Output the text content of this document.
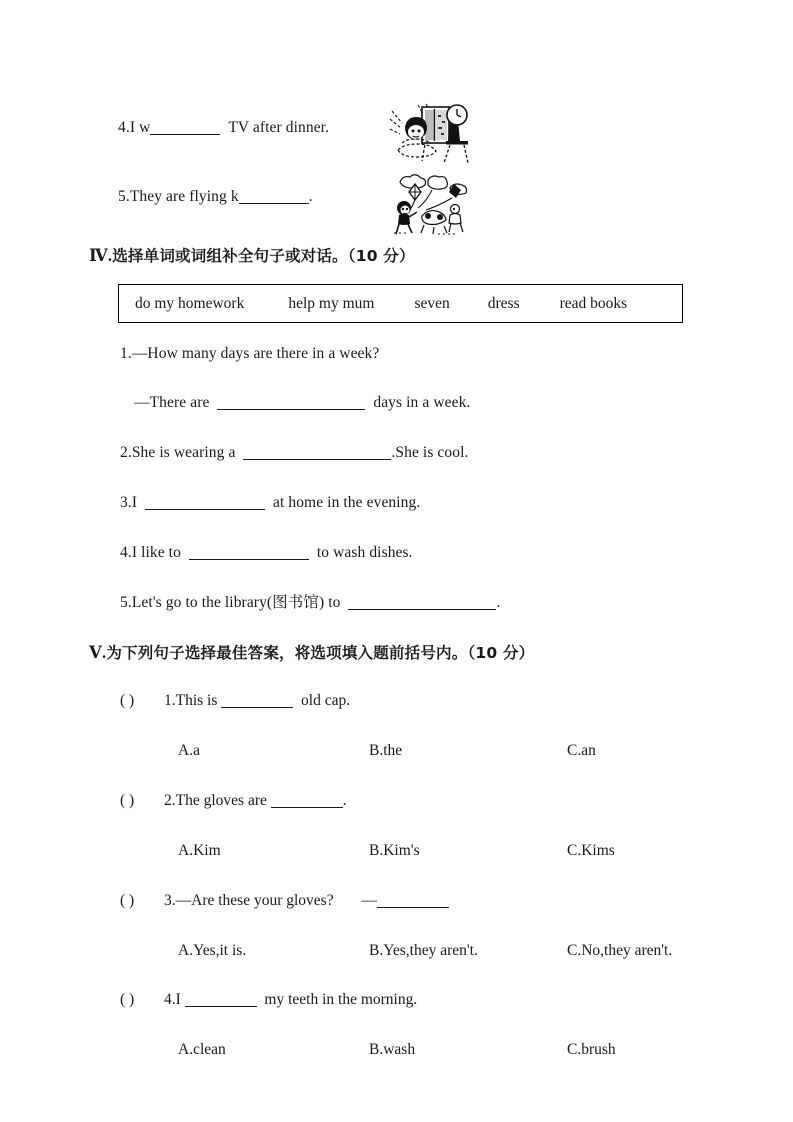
4.I w	TV after dinner.
5.They are flying k	.
Ⅳ.选择单词或词组补全句子或对话。（10 分）
do my homework	help my mum	seven dress	read books
1.—How many days are there in a week?
—There are	days in a week.
2.She is wearing a	.She is cool.
3.I	at home in the evening.
4.I like to	to wash dishes.
5.Let's go to the library(图书馆) to	.
Ⅴ.为下列句子选择最佳答案，将选项填入题前括号内。（10 分）
( ) 1.This is	old cap.
A.a	B.the	C.an
( ) 2.The gloves are	.
A.Kim	B.Kim's	C.Kims
( ) 3.—Are these your gloves? —
A.Yes,it is.	B.Yes,they aren't.	C.No,they aren't.
( ) 4.I	my teeth in the morning.
A.clean	B.wash	C.brush
